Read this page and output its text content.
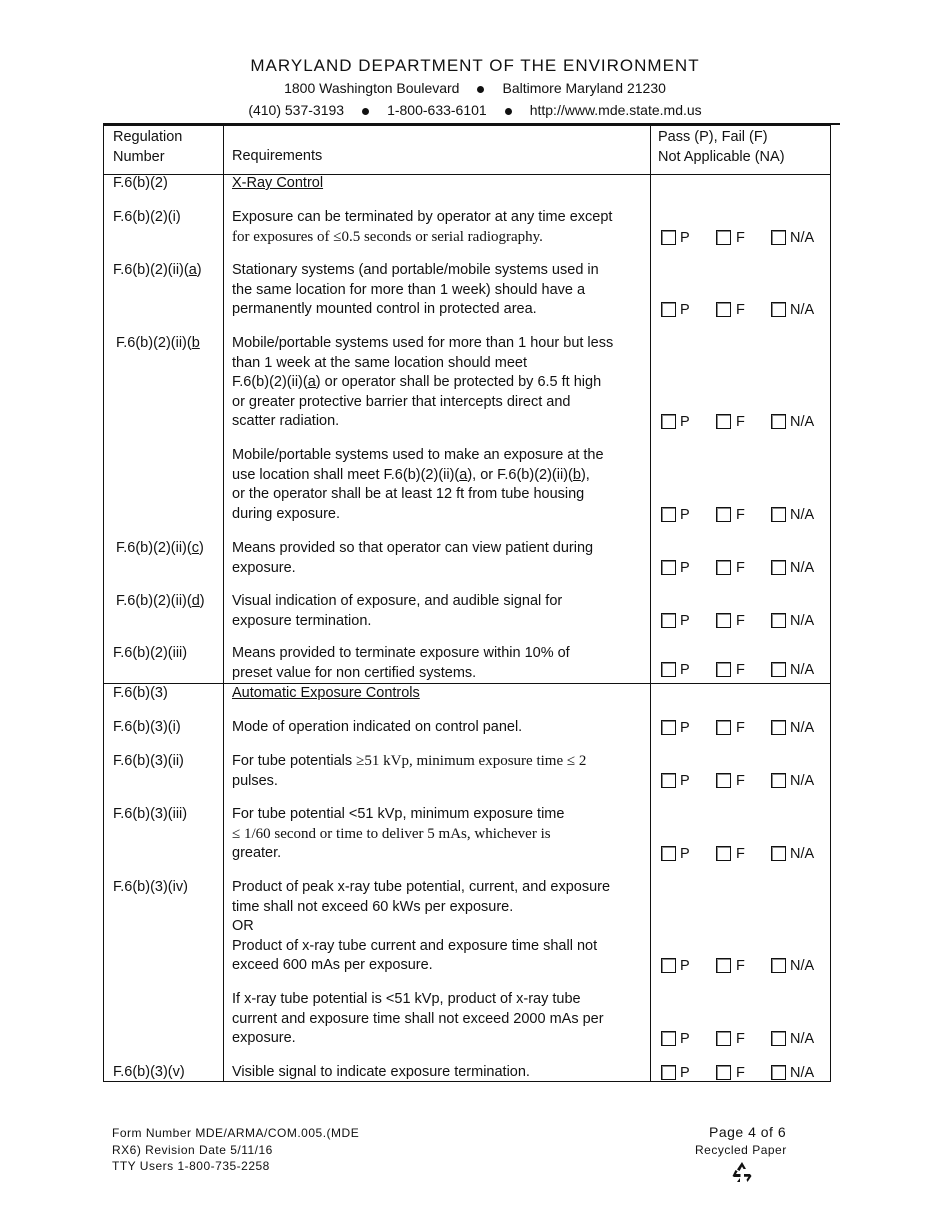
MARYLAND DEPARTMENT OF THE ENVIRONMENT
1800 Washington Boulevard	Baltimore Maryland 21230
(410) 537-3193	1-800-633-6101	http://www.mde.state.md.us
Regulation
Number	Requirements
Pass (P), Fail (F)
Not Applicable (NA)
F.6(b)(2)	X-Ray Control
F.6(b)(2)(i)	Exposure can be terminated by operator at any time except
for exposures of ≤0.5 seconds or serial radiography.	P	F	N/A
F.6(b)(2)(ii)(a) Stationary systems (and portable/mobile systems used in
the same location for more than 1 week) should have a
permanently mounted control in protected area.	P	F	N/A
F.6(b)(2)(ii)(b Mobile/portable systems used for more than 1 hour but less
than 1 week at the same location should meet
F.6(b)(2)(ii)(a) or operator shall be protected by 6.5 ft high
or greater protective barrier that intercepts direct and
scatter radiation.	P	F	N/A
Mobile/portable systems used to make an exposure at the
use location shall meet F.6(b)(2)(ii)(a), or F.6(b)(2)(ii)(b),
or the operator shall be at least 12 ft from tube housing
during exposure.	P	F	N/A
F.6(b)(2)(ii)(c) Means provided so that operator can view patient during
exposure.	P	F	N/A
F.6(b)(2)(ii)(d) Visual indication of exposure, and audible signal for
exposure termination.	P	F	N/A
F.6(b)(2)(iii)	Means provided to terminate exposure within 10% of
preset value for non certified systems.	P	F	N/A
F.6(b)(3)	Automatic Exposure Controls
F.6(b)(3)(i)	Mode of operation indicated on control panel.	P	F	N/A
F.6(b)(3)(ii)	For tube potentials ≥51 kVp, minimum exposure time ≤ 2
pulses.	P	F	N/A
F.6(b)(3)(iii)	For tube potential <51 kVp, minimum exposure time
≤ 1/60 second or time to deliver 5 mAs, whichever is
greater.	P	F	N/A
F.6(b)(3)(iv)	Product of peak x-ray tube potential, current, and exposure
time shall not exceed 60 kWs per exposure.
OR
Product of x-ray tube current and exposure time shall not
exceed 600 mAs per exposure.	P	F	N/A
If x-ray tube potential is <51 kVp, product of x-ray tube
current and exposure time shall not exceed 2000 mAs per
exposure.	P	F	N/A
F.6(b)(3)(v)	Visible signal to indicate exposure termination.	P	F	N/A
Form Number MDE/ARMA/COM.005.(MDE
RX6) Revision Date 5/11/16
TTY Users 1-800-735-2258
Page 4 of 6
Recycled Paper
